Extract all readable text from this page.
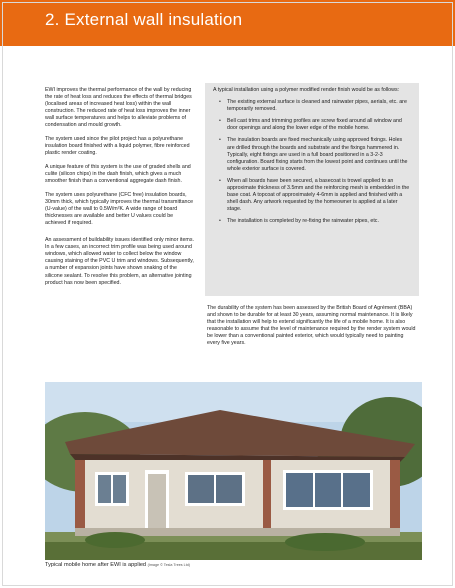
2. External wall insulation

EWI improves the thermal performance of the wall by reducing the rate of heat loss and reduces the effects of thermal bridges (localised areas of increased heat loss) within the wall construction. The reduced rate of heat loss improves the inner wall surface temperatures and helps to alleviate problems of condensation and mould growth.

The system used since the pilot project has a polyurethane insulation board finished with a liquid polymer, fibre reinforced plastic render coating.

A unique feature of this system is the use of graded shells and culite (silicon chips) in the dash finish, which gives a much smoother finish than a conventional aggregate dash finish.

The system uses polyurethane (CFC free) insulation boards, 30mm thick, which typically improves the thermal transmittance (U-value) of the wall to 0.5W/m²K. A wide range of board thicknesses are available and better U values could be achieved if required.

An assessment of buildability issues identified only minor items. In a few cases, an incorrect trim profile was being used around windows, which allowed water to collect below the window causing staining of the PVC U trim and windows. Subsequently, a number of expansion joints have shown snaking of the silicone sealant. To resolve this problem, an alternative jointing product has now been specified.

A typical installation using a polymer modified render finish would be as follows:

• The existing external surface is cleaned and rainwater pipes, aerials, etc. are temporarily removed.
• Bell cast trims and trimming profiles are screw fixed around all window and door openings and along the lower edge of the mobile home.
• The insulation boards are fixed mechanically using approved fixings. Holes are drilled through the boards and substrate and the fixings hammered in. Typically, eight fixings are used in a full board positioned in a 3-2-3 configuration. Board fixing starts from the lowest point and continues until the whole exterior surface is covered.
• When all boards have been secured, a basecoat is trowel applied to an approximate thickness of 3.5mm and the reinforcing mesh is embedded in the base coat. A topcoat of approximately 4-6mm is applied and finished with a shell dash. Any artwork requested by the homeowner is applied at a later stage.
• The installation is completed by re-fixing the rainwater pipes, etc.

The durability of the system has been assessed by the British Board of Agrément (BBA) and shown to be durable for at least 30 years, assuming normal maintenance. It is likely that the installation will help to extend significantly the life of a mobile home. It is also reasonable to assume that the level of maintenance required by the render system would be lower than a conventional painted exterior, which would typically need to painting every five years.

Typical mobile home after EWI is applied (Image © Tesla Trees Ltd)
